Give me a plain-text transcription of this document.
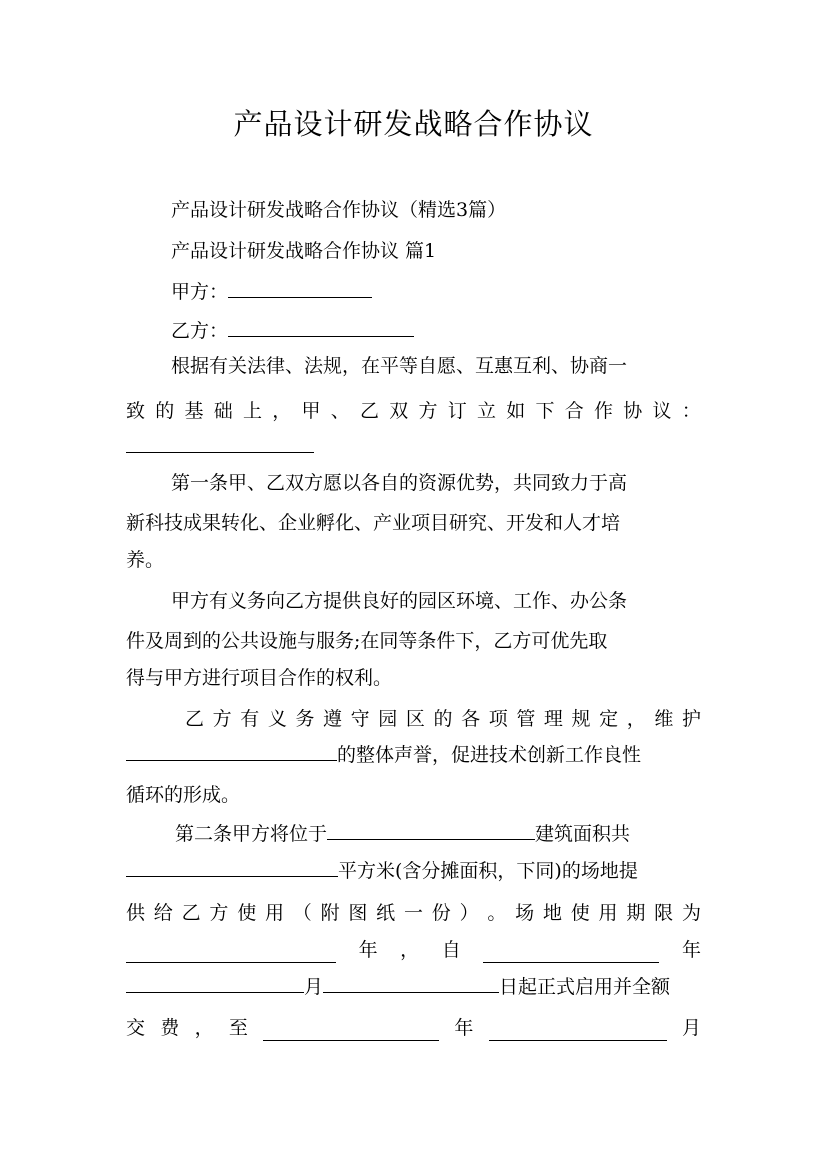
产品设计研发战略合作协议
产品设计研发战略合作协议（精选3篇）
产品设计研发战略合作协议 篇1
甲方：
乙方：
根据有关法律、法规，在平等自愿、互惠互利、协商一
致 的 基 础 上 ， 甲 、 乙 双 方 订 立 如 下 合 作 协 议 ：
第一条甲、乙双方愿以各自的资源优势，共同致力于高
新科技成果转化、企业孵化、产业项目研究、开发和人才培
养。
甲方有义务向乙方提供良好的园区环境、工作、办公条
件及周到的公共设施与服务;在同等条件下，乙方可优先取
得与甲方进行项目合作的权利。
乙 方 有 义 务 遵 守 园 区 的 各 项 管 理 规 定 ， 维 护
的整体声誉，促进技术创新工作良性
循环的形成。
第二条甲方将位于	建筑面积共
平方米(含分摊面积，下同)的场地提
供 给 乙 方 使 用 （ 附 图 纸 一 份 ） 。 场 地 使 用 期 限 为
年 ， 自	年
月	日起正式启用并全额
交 费 ， 至	年	月
